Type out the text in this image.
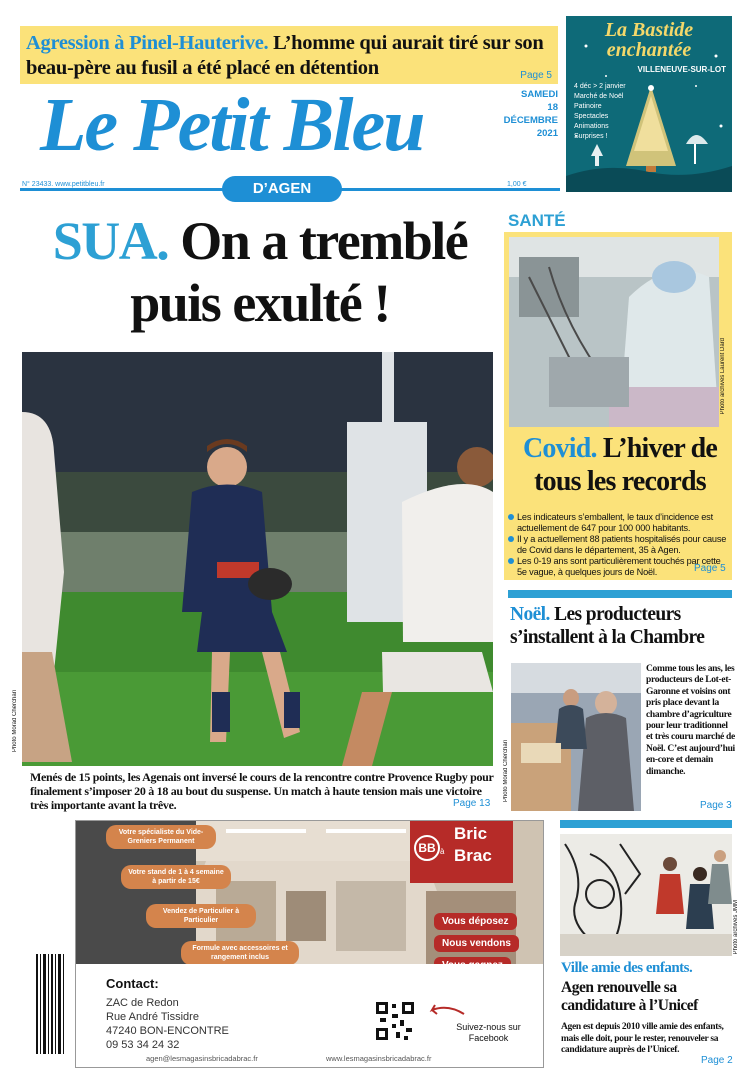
Agression à Pinel-Hauterive. L’homme qui aurait tiré sur son beau-père au fusil a été placé en détention	Page 5
La Bastide
enchantée
VILLENEUVE-SUR-LOT
4 déc > 2 janvier
Marché de Noël
Patinoire
Spectacles
Animations
Surprises !
Le Petit Bleu	SAMEDI
18 DÉCEMBRE
2021
N° 23433. www.petitbleu.fr	1,00 €
D’AGEN
SUA. On a tremblé
puis exulté !
Photo Morad Cherchari
Menés de 15 points, les Agenais ont inversé le cours de la rencontre contre Provence Rugby pour finalement s’imposer 20 à 18 au bout du suspense. Un match à haute tension mais une victoire très importante avant la trêve.	Page 13
SANTÉ
Photo archives Laurent Dard
Covid. L’hiver de tous les records
Les indicateurs s’emballent, le taux d’incidence est actuellement de 647 pour 100 000 habitants.
Il y a actuellement 88 patients hospitalisés pour cause de Covid dans le département, 35 à Agen.
Les 0-19 ans sont particulièrement touchés par cette 5e vague, à quelques jours de Noël.	Page 5
Noël. Les producteurs s’installent à la Chambre
Photo Morad Cherchari
Comme tous les ans, les producteurs de Lot-et-Garonne et voisins ont pris place devant la chambre d’agriculture pour leur traditionnel et très couru marché de Noël. C’est aujourd’hui en-core et demain dimanche.
Page 3
Photo archives JMM
Ville amie des enfants.
Agen renouvelle sa candidature à l’Unicef
Agen est depuis 2010 ville amie des enfants, mais elle doit, pour le rester, renouveler sa candidature auprès de l’Unicef.
Page 2
Votre spécialiste du Vide-Greniers Permanent
Votre stand de 1 à 4 semaine à partir de 15€
Vendez de Particulier à Particulier
Formule avec accessoires et rangement inclus
BB
Bric
à Brac
Vous déposez
Nous vendons
Contact:
ZAC de Redon
Rue André Tissidre
47240 BON-ENCONTRE
09 53 34 24 32
Suivez-nous sur Facebook
agen@lesmagasinsbricadabrac.fr	www.lesmagasinsbricadabrac.fr
